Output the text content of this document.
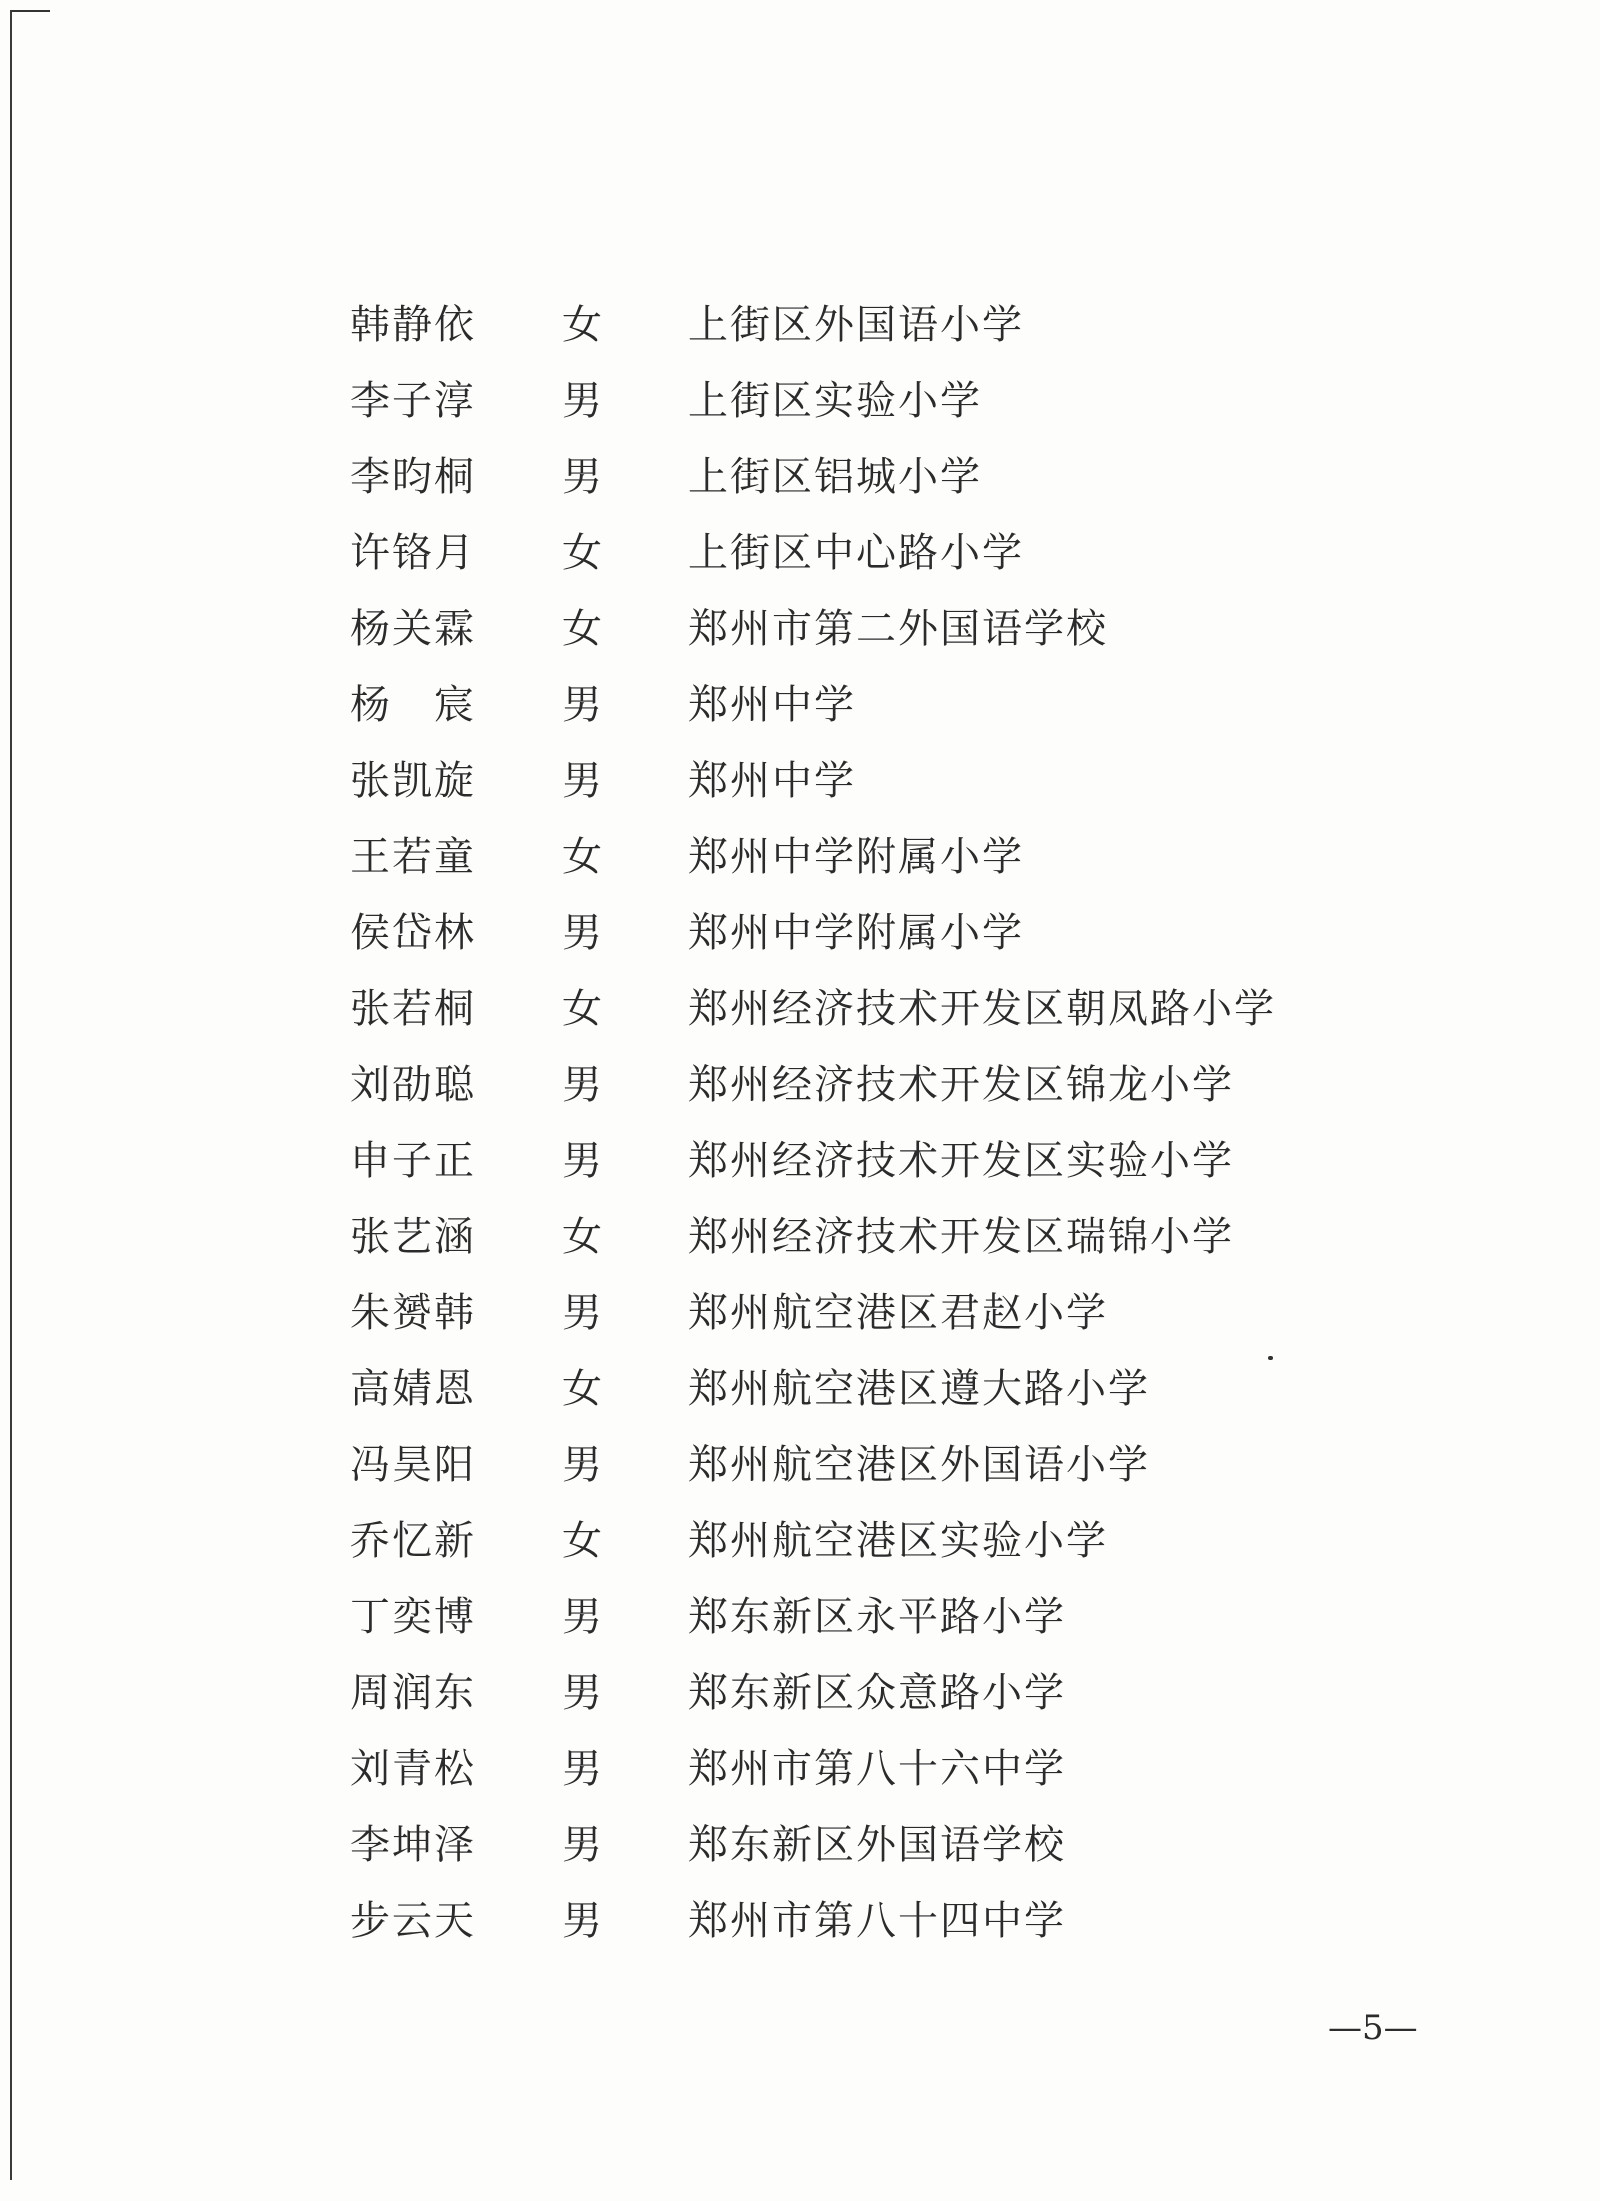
韩静依 女 上街区外国语小学
李子淳 男 上街区实验小学
李昀桐 男 上街区铝城小学
许铬月 女 上街区中心路小学
杨关霖 女 郑州市第二外国语学校
杨　宸 男 郑州中学
张凯旋 男 郑州中学
王若童 女 郑州中学附属小学
侯岱林 男 郑州中学附属小学
张若桐 女 郑州经济技术开发区朝凤路小学
刘劭聪 男 郑州经济技术开发区锦龙小学
申子正 男 郑州经济技术开发区实验小学
张艺涵 女 郑州经济技术开发区瑞锦小学
朱赟韩 男 郑州航空港区君赵小学
高婧恩 女 郑州航空港区遵大路小学
冯昊阳 男 郑州航空港区外国语小学
乔忆新 女 郑州航空港区实验小学
丁奕博 男 郑东新区永平路小学
周润东 男 郑东新区众意路小学
刘青松 男 郑州市第八十六中学
李坤泽 男 郑东新区外国语学校
步云天 男 郑州市第八十四中学
—5—
